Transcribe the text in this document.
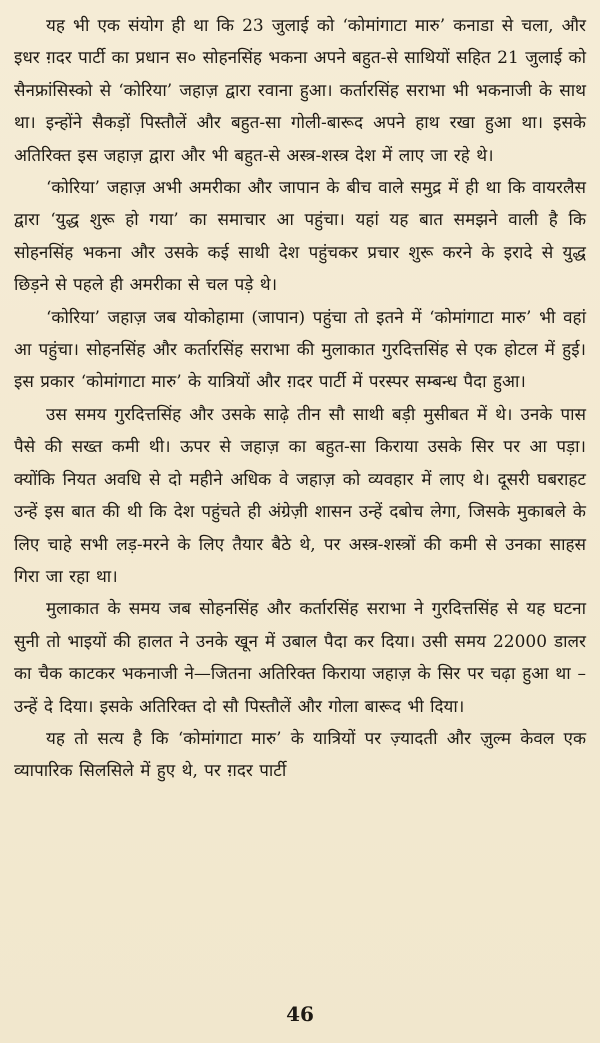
यह भी एक संयोग ही था कि 23 जुलाई को ‘कोमांगाटा मारु’ कनाडा से चला, और इधर ग़दर पार्टी का प्रधान स० सोहनसिंह भकना अपने बहुत-से साथियों सहित 21 जुलाई को सैनफ्रांसिस्को से ‘कोरिया’ जहाज़ द्वारा रवाना हुआ। कर्तारसिंह सराभा भी भकनाजी के साथ था। इन्होंने सैकड़ों पिस्तौलें और बहुत-सा गोली-बारूद अपने हाथ रखा हुआ था। इसके अतिरिक्त इस जहाज़ द्वारा और भी बहुत-से अस्त्र-शस्त्र देश में लाए जा रहे थे।

‘कोरिया’ जहाज़ अभी अमरीका और जापान के बीच वाले समुद्र में ही था कि वायरलैस द्वारा ‘युद्ध शुरू हो गया’ का समाचार आ पहुंचा। यहां यह बात समझने वाली है कि सोहनसिंह भकना और उसके कई साथी देश पहुंचकर प्रचार शुरू करने के इरादे से युद्ध छिड़ने से पहले ही अमरीका से चल पड़े थे।

‘कोरिया’ जहाज़ जब योकोहामा (जापान) पहुंचा तो इतने में ‘कोमांगाटा मारु’ भी वहां आ पहुंचा। सोहनसिंह और कर्तारसिंह सराभा की मुलाकात गुरदित्तसिंह से एक होटल में हुई। इस प्रकार ‘कोमांगाटा मारु’ के यात्रियों और ग़दर पार्टी में परस्पर सम्बन्ध पैदा हुआ।

उस समय गुरदित्तसिंह और उसके साढ़े तीन सौ साथी बड़ी मुसीबत में थे। उनके पास पैसे की सख्त कमी थी। ऊपर से जहाज़ का बहुत-सा किराया उसके सिर पर आ पड़ा। क्योंकि नियत अवधि से दो महीने अधिक वे जहाज़ को व्यवहार में लाए थे। दूसरी घबराहट उन्हें इस बात की थी कि देश पहुंचते ही अंग्रेज़ी शासन उन्हें दबोच लेगा, जिसके मुकाबले के लिए चाहे सभी लड़-मरने के लिए तैयार बैठे थे, पर अस्त्र-शस्त्रों की कमी से उनका साहस गिरा जा रहा था।

मुलाकात के समय जब सोहनसिंह और कर्तारसिंह सराभा ने गुरदित्तसिंह से यह घटना सुनी तो भाइयों की हालत ने उनके खून में उबाल पैदा कर दिया। उसी समय 22000 डालर का चैक काटकर भकनाजी ने—जितना अतिरिक्त किराया जहाज़ के सिर पर चढ़ा हुआ था –उन्हें दे दिया। इसके अतिरिक्त दो सौ पिस्तौलें और गोला बारूद भी दिया।

यह तो सत्य है कि ‘कोमांगाटा मारु’ के यात्रियों पर ज़्यादती और ज़ुल्म केवल एक व्यापारिक सिलसिले में हुए थे, पर ग़दर पार्टी

46
